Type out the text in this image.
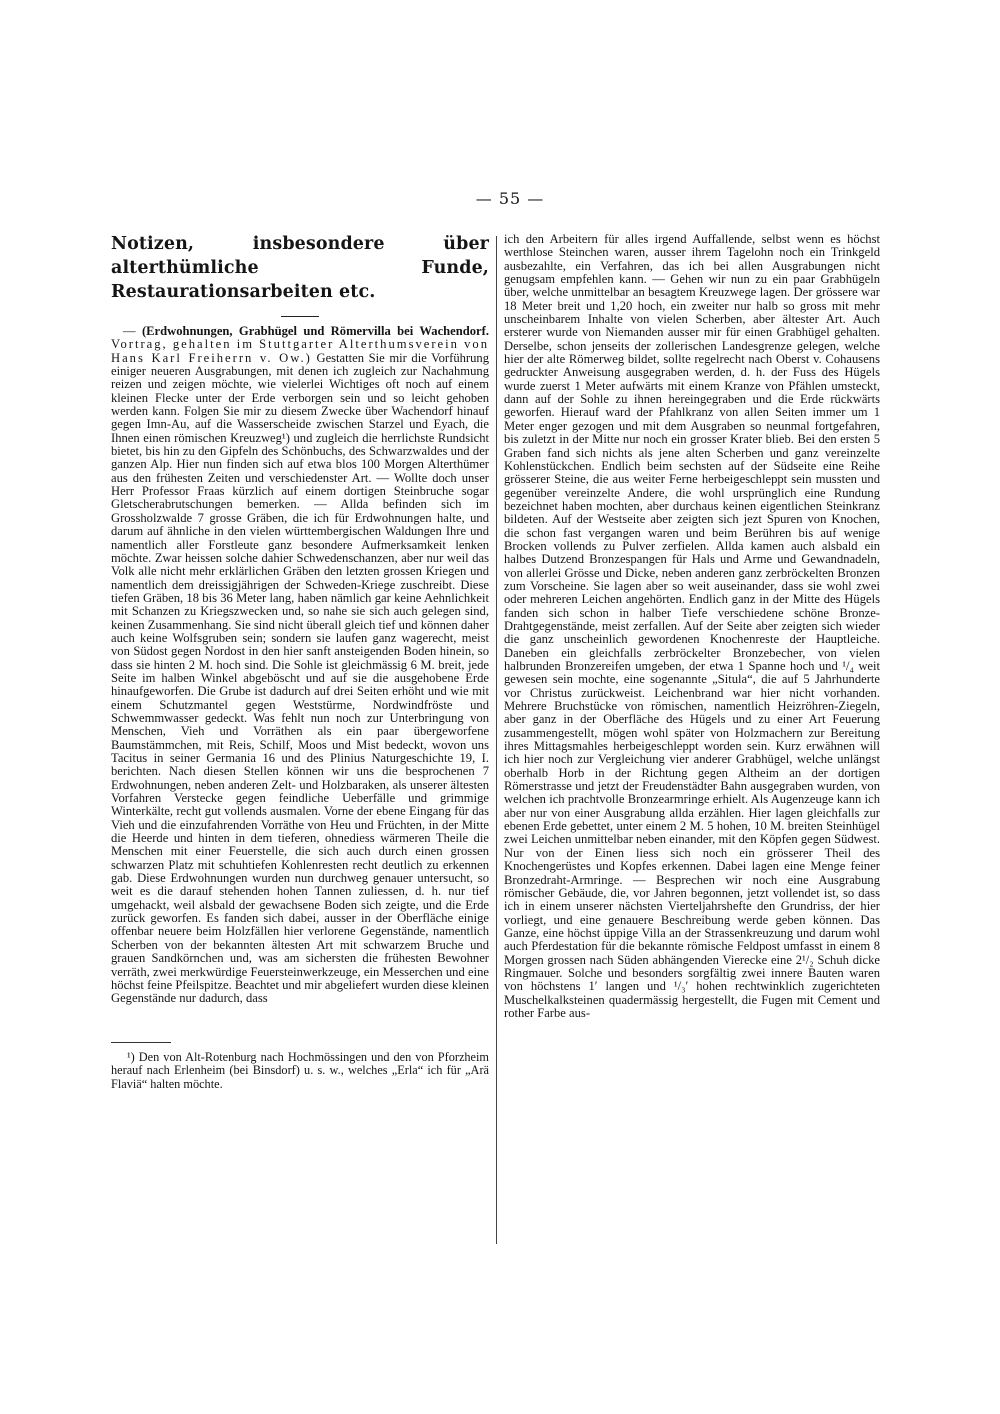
— 55 —
Notizen, insbesondere über alterthümliche Funde, Restaurationsarbeiten etc.

— (Erdwohnungen, Grabhügel und Römervilla bei Wachendorf. Vortrag, gehalten im Stuttgarter Alterthumsverein von Hans Karl Freiherrn v. Ow.) Gestatten Sie mir die Vorführung einiger neueren Ausgrabungen, mit denen ich zugleich zur Nachahmung reizen und zeigen möchte, wie vielerlei Wichtiges oft noch auf einem kleinen Flecke unter der Erde verborgen sein und so leicht gehoben werden kann. Folgen Sie mir zu diesem Zwecke über Wachendorf hinauf gegen Imn-Au, auf die Wasserscheide zwischen Starzel und Eyach, die Ihnen einen römischen Kreuzweg¹) und zugleich die herrlichste Rundsicht bietet, bis hin zu den Gipfeln des Schönbuchs, des Schwarzwaldes und der ganzen Alp. Hier nun finden sich auf etwa blos 100 Morgen Alterthümer aus den frühesten Zeiten und verschiedenster Art. — Wollte doch unser Herr Professor Fraas kürzlich auf einem dortigen Steinbruche sogar Gletscherabrutschungen bemerken. — Allda befinden sich im Grossholzwalde 7 grosse Gräben, die ich für Erdwohnungen halte, und darum auf ähnliche in den vielen württembergischen Waldungen Ihre und namentlich aller Forstleute ganz besondere Aufmerksamkeit lenken möchte. Zwar heissen solche dahier Schwedenschanzen, aber nur weil das Volk alle nicht mehr erklärlichen Gräben den letzten grossen Kriegen und namentlich dem dreissigjährigen der Schweden-Kriege zuschreibt. Diese tiefen Gräben, 18 bis 36 Meter lang, haben nämlich gar keine Aehnlichkeit mit Schanzen zu Kriegszwecken und, so nahe sie sich auch gelegen sind, keinen Zusammenhang. Sie sind nicht überall gleich tief und können daher auch keine Wolfsgruben sein; sondern sie laufen ganz wagerecht, meist von Südost gegen Nordost in den hier sanft ansteigenden Boden hinein, so dass sie hinten 2 M. hoch sind. Die Sohle ist gleichmässig 6 M. breit, jede Seite im halben Winkel abgeböscht und auf sie die ausgehobene Erde hinaufgeworfen. Die Grube ist dadurch auf drei Seiten erhöht und wie mit einem Schutzmantel gegen Weststürme, Nordwindfröste und Schwemmwasser gedeckt. Was fehlt nun noch zur Unterbringung von Menschen, Vieh und Vorräthen als ein paar übergeworfene Baumstämmchen, mit Reis, Schilf, Moos und Mist bedeckt, wovon uns Tacitus in seiner Germania 16 und des Plinius Naturgeschichte 19, I. berichten. Nach diesen Stellen können wir uns die besprochenen 7 Erdwohnungen, neben anderen Zelt- und Holzbaraken, als unserer ältesten Vorfahren Verstecke gegen feindliche Ueberfälle und grimmige Winterkälte, recht gut vollends ausmalen. Vorne der ebene Eingang für das Vieh und die einzufahrenden Vorräthe von Heu und Früchten, in der Mitte die Heerde und hinten in dem tieferen, ohnediess wärmeren Theile die Menschen mit einer Feuerstelle, die sich auch durch einen grossen schwarzen Platz mit schuhtiefen Kohlenresten recht deutlich zu erkennen gab. Diese Erdwohnungen wurden nun durchweg genauer untersucht, so weit es die darauf stehenden hohen Tannen zuliessen, d. h. nur tief umgehackt, weil alsbald der gewachsene Boden sich zeigte, und die Erde zurück geworfen. Es fanden sich dabei, ausser in der Oberfläche einige offenbar neuere beim Holzfällen hier verlorene Gegenstände, namentlich Scherben von der bekannten ältesten Art mit schwarzem Bruche und grauen Sandkörnchen und, was am sichersten die frühesten Bewohner verräth, zwei merkwürdige Feuersteinwerkzeuge, ein Messerchen und eine höchst feine Pfeilspitze. Beachtet und mir abgeliefert wurden diese kleinen Gegenstände nur dadurch, dass

¹) Den von Alt-Rotenburg nach Hochmössingen und den von Pforzheim herauf nach Erlenheim (bei Binsdorf) u. s. w., welches „Erla“ ich für „Arä Flaviä“ halten möchte.

ich den Arbeitern für alles irgend Auffallende, selbst wenn es höchst werthlose Steinchen waren, ausser ihrem Tagelohn noch ein Trinkgeld ausbezahlte, ein Verfahren, das ich bei allen Ausgrabungen nicht genugsam empfehlen kann. — Gehen wir nun zu ein paar Grabhügeln über, welche unmittelbar an besagtem Kreuzwege lagen. Der grössere war 18 Meter breit und 1,20 hoch, ein zweiter nur halb so gross mit mehr unscheinbarem Inhalte von vielen Scherben, aber ältester Art. Auch ersterer wurde von Niemanden ausser mir für einen Grabhügel gehalten. Derselbe, schon jenseits der zollerischen Landesgrenze gelegen, welche hier der alte Römerweg bildet, sollte regelrecht nach Oberst v. Cohausens gedruckter Anweisung ausgegraben werden, d. h. der Fuss des Hügels wurde zuerst 1 Meter aufwärts mit einem Kranze von Pfählen umsteckt, dann auf der Sohle zu ihnen hereingegraben und die Erde rückwärts geworfen. Hierauf ward der Pfahlkranz von allen Seiten immer um 1 Meter enger gezogen und mit dem Ausgraben so neunmal fortgefahren, bis zuletzt in der Mitte nur noch ein grosser Krater blieb. Bei den ersten 5 Graben fand sich nichts als jene alten Scherben und ganz vereinzelte Kohlenstückchen. Endlich beim sechsten auf der Südseite eine Reihe grösserer Steine, die aus weiter Ferne herbeigeschleppt sein mussten und gegenüber vereinzelte Andere, die wohl ursprünglich eine Rundung bezeichnet haben mochten, aber durchaus keinen eigentlichen Steinkranz bildeten. Auf der Westseite aber zeigten sich jezt Spuren von Knochen, die schon fast vergangen waren und beim Berühren bis auf wenige Brocken vollends zu Pulver zerfielen. Allda kamen auch alsbald ein halbes Dutzend Bronzespangen für Hals und Arme und Gewandnadeln, von allerlei Grösse und Dicke, neben anderen ganz zerbröckelten Bronzen zum Vorscheine. Sie lagen aber so weit auseinander, dass sie wohl zwei oder mehreren Leichen angehörten. Endlich ganz in der Mitte des Hügels fanden sich schon in halber Tiefe verschiedene schöne Bronze-Drahtgegenstände, meist zerfallen. Auf der Seite aber zeigten sich wieder die ganz unscheinlich gewordenen Knochenreste der Hauptleiche. Daneben ein gleichfalls zerbröckelter Bronzebecher, von vielen halbrunden Bronzereifen umgeben, der etwa 1 Spanne hoch und ¹/₄ weit gewesen sein mochte, eine sogenannte „Situla“, die auf 5 Jahrhunderte vor Christus zurückweist. Leichenbrand war hier nicht vorhanden. Mehrere Bruchstücke von römischen, namentlich Heizröhren-Ziegeln, aber ganz in der Oberfläche des Hügels und zu einer Art Feuerung zusammengestellt, mögen wohl später von Holzmachern zur Bereitung ihres Mittagsmahles herbeigeschleppt worden sein. Kurz erwähnen will ich hier noch zur Vergleichung vier anderer Grabhügel, welche unlängst oberhalb Horb in der Richtung gegen Altheim an der dortigen Römerstrasse und jetzt der Freudenstädter Bahn ausgegraben wurden, von welchen ich prachtvolle Bronzearmringe erhielt. Als Augenzeuge kann ich aber nur von einer Ausgrabung allda erzählen. Hier lagen gleichfalls zur ebenen Erde gebettet, unter einem 2 M. 5 hohen, 10 M. breiten Steinhügel zwei Leichen unmittelbar neben einander, mit den Köpfen gegen Südwest. Nur von der Einen liess sich noch ein grösserer Theil des Knochengerüstes und Kopfes erkennen. Dabei lagen eine Menge feiner Bronzedraht-Armringe. — Besprechen wir noch eine Ausgrabung römischer Gebäude, die, vor Jahren begonnen, jetzt vollendet ist, so dass ich in einem unserer nächsten Vierteljahrshefte den Grundriss, der hier vorliegt, und eine genauere Beschreibung werde geben können. Das Ganze, eine höchst üppige Villa an der Strassenkreuzung und darum wohl auch Pferdestation für die bekannte römische Feldpost umfasst in einem 8 Morgen grossen nach Süden abhängenden Vierecke eine 2¹/₂ Schuh dicke Ringmauer. Solche und besonders sorgfältig zwei innere Bauten waren von höchstens 1′ langen und ¹/₃′ hohen rechtwinklich zugerichteten Muschelkalksteinen quadermässig hergestellt, die Fugen mit Cement und rother Farbe aus-
